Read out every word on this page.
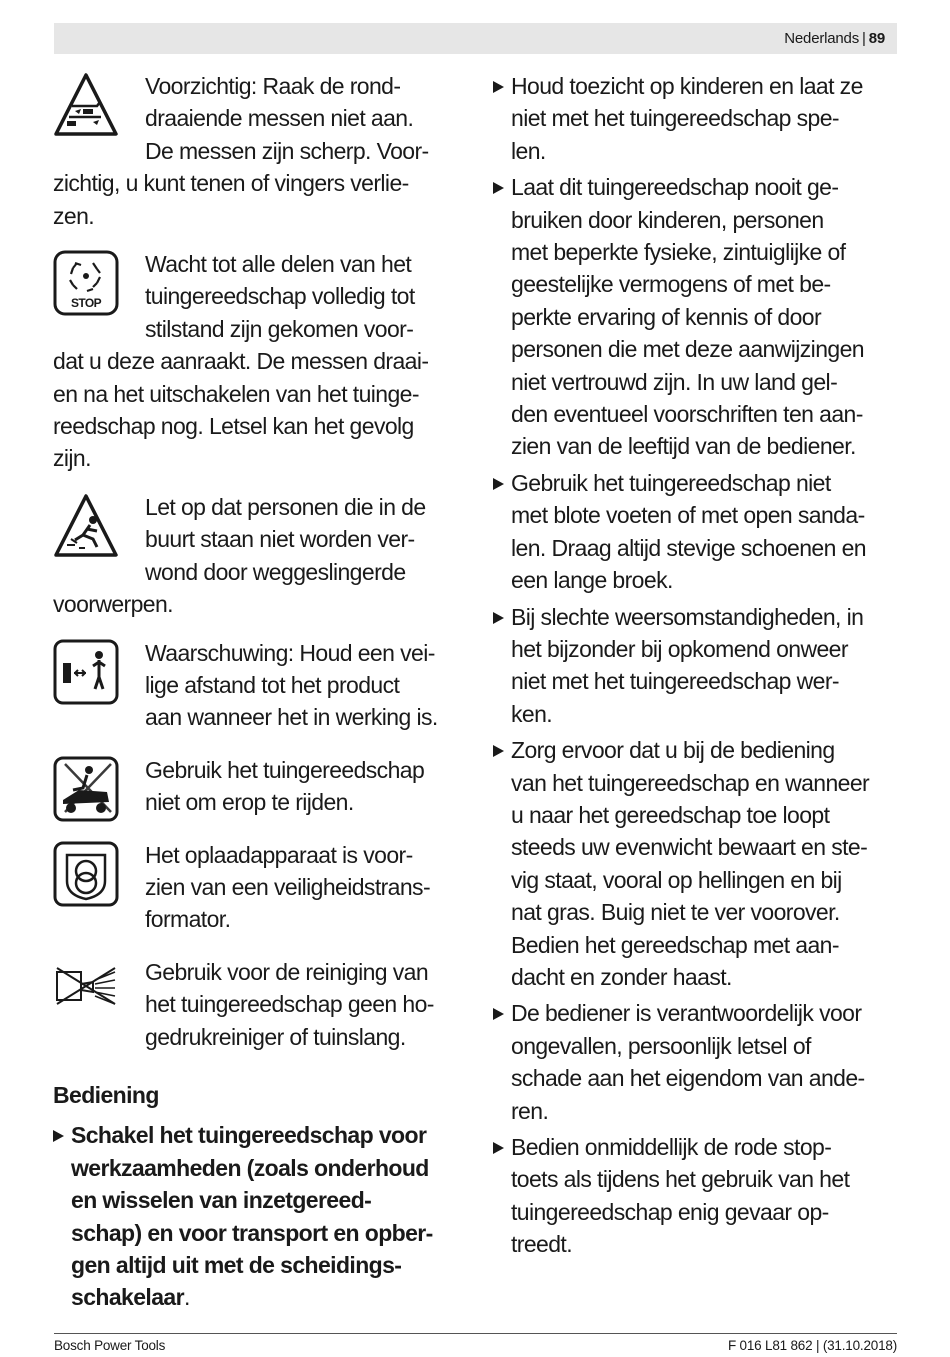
Nederlands | 89
Voorzichtig: Raak de rond-
draaiende messen niet aan.
De messen zijn scherp. Voor-
zichtig, u kunt tenen of vingers verlie-
zen.
STOP
Wacht tot alle delen van het
tuingereedschap volledig tot
stilstand zijn gekomen voor-
dat u deze aanraakt. De messen draai-
en na het uitschakelen van het tuinge-
reedschap nog. Letsel kan het gevolg
zijn.
Let op dat personen die in de
buurt staan niet worden ver-
wond door weggeslingerde
voorwerpen.
Waarschuwing: Houd een vei-
lige afstand tot het product
aan wanneer het in werking is.
Gebruik het tuingereedschap
niet om erop te rijden.
Het oplaadapparaat is voor-
zien van een veiligheidstrans-
formator.
Gebruik voor de reiniging van
het tuingereedschap geen ho-
gedrukreiniger of tuinslang.
Bediening
Schakel het tuingereedschap voor
werkzaamheden (zoals onderhoud
en wisselen van inzetgereed-
schap) en voor transport en opber-
gen altijd uit met de scheidings-
schakelaar.
Houd toezicht op kinderen en laat ze
niet met het tuingereedschap spe-
len.
Laat dit tuingereedschap nooit ge-
bruiken door kinderen, personen
met beperkte fysieke, zintuiglijke of
geestelijke vermogens of met be-
perkte ervaring of kennis of door
personen die met deze aanwijzingen
niet vertrouwd zijn. In uw land gel-
den eventueel voorschriften ten aan-
zien van de leeftijd van de bediener.
Gebruik het tuingereedschap niet
met blote voeten of met open sanda-
len. Draag altijd stevige schoenen en
een lange broek.
Bij slechte weersomstandigheden, in
het bijzonder bij opkomend onweer
niet met het tuingereedschap wer-
ken.
Zorg ervoor dat u bij de bediening
van het tuingereedschap en wanneer
u naar het gereedschap toe loopt
steeds uw evenwicht bewaart en ste-
vig staat, vooral op hellingen en bij
nat gras. Buig niet te ver voorover.
Bedien het gereedschap met aan-
dacht en zonder haast.
De bediener is verantwoordelijk voor
ongevallen, persoonlijk letsel of
schade aan het eigendom van ande-
ren.
Bedien onmiddellijk de rode stop-
toets als tijdens het gebruik van het
tuingereedschap enig gevaar op-
treedt.
Bosch Power Tools	F 016 L81 862 | (31.10.2018)
